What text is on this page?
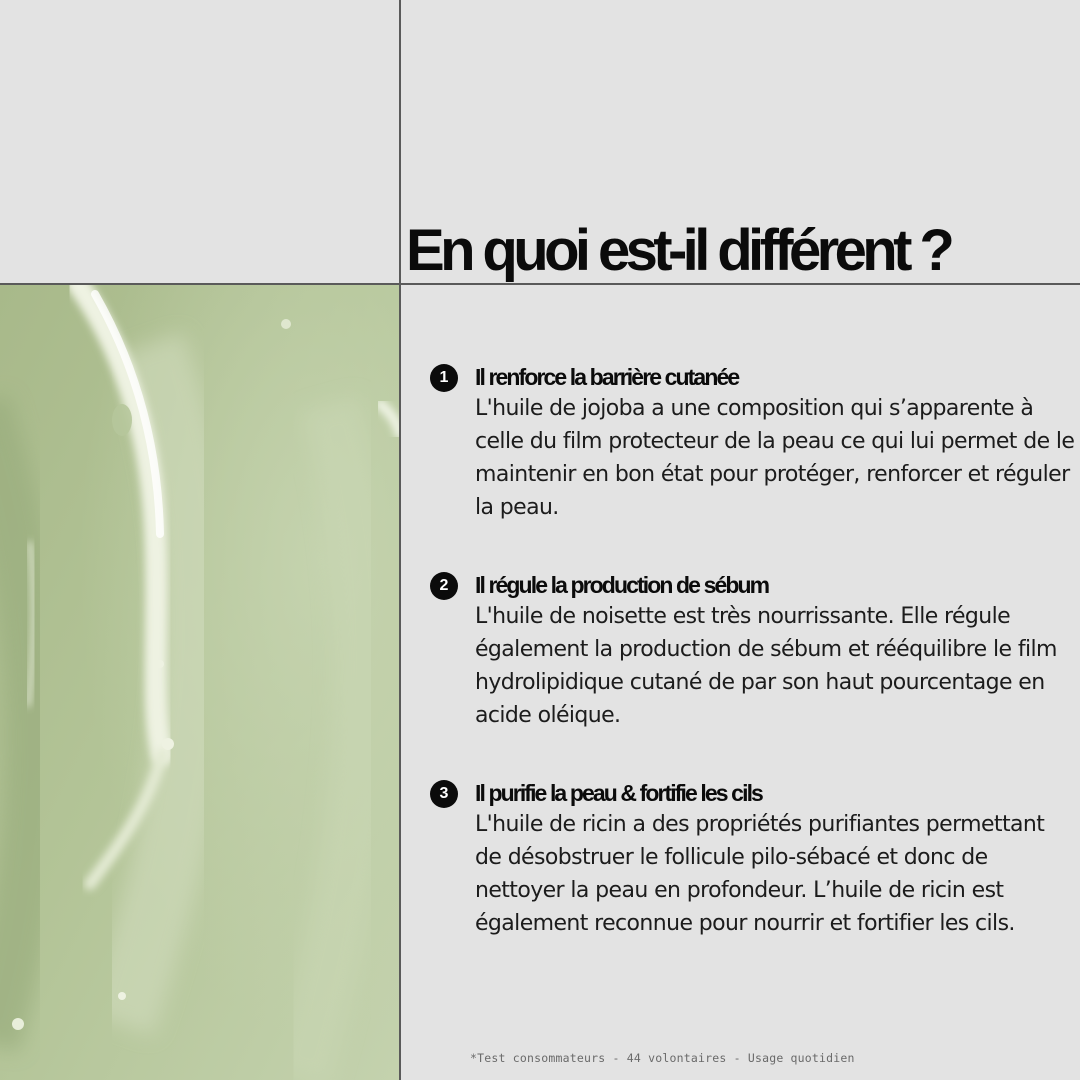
En quoi est-il différent ?
1	Il renforce la barrière cutanée

L'huile de jojoba a une composition qui s’apparente à celle du film protecteur de la peau ce qui lui permet de le maintenir en bon état pour protéger, renforcer et réguler la peau.

2	Il régule la production de sébum

L'huile de noisette est très nourrissante. Elle régule également la production de sébum et rééquilibre le film hydrolipidique cutané de par son haut pourcentage en acide oléique.

3	Il purifie la peau & fortifie les cils

L'huile de ricin a des propriétés purifiantes permettant de désobstruer le follicule pilo-sébacé et donc de nettoyer la peau en profondeur. L’huile de ricin est également reconnue pour nourrir et fortifier les cils.

*Test consommateurs - 44 volontaires - Usage quotidien
